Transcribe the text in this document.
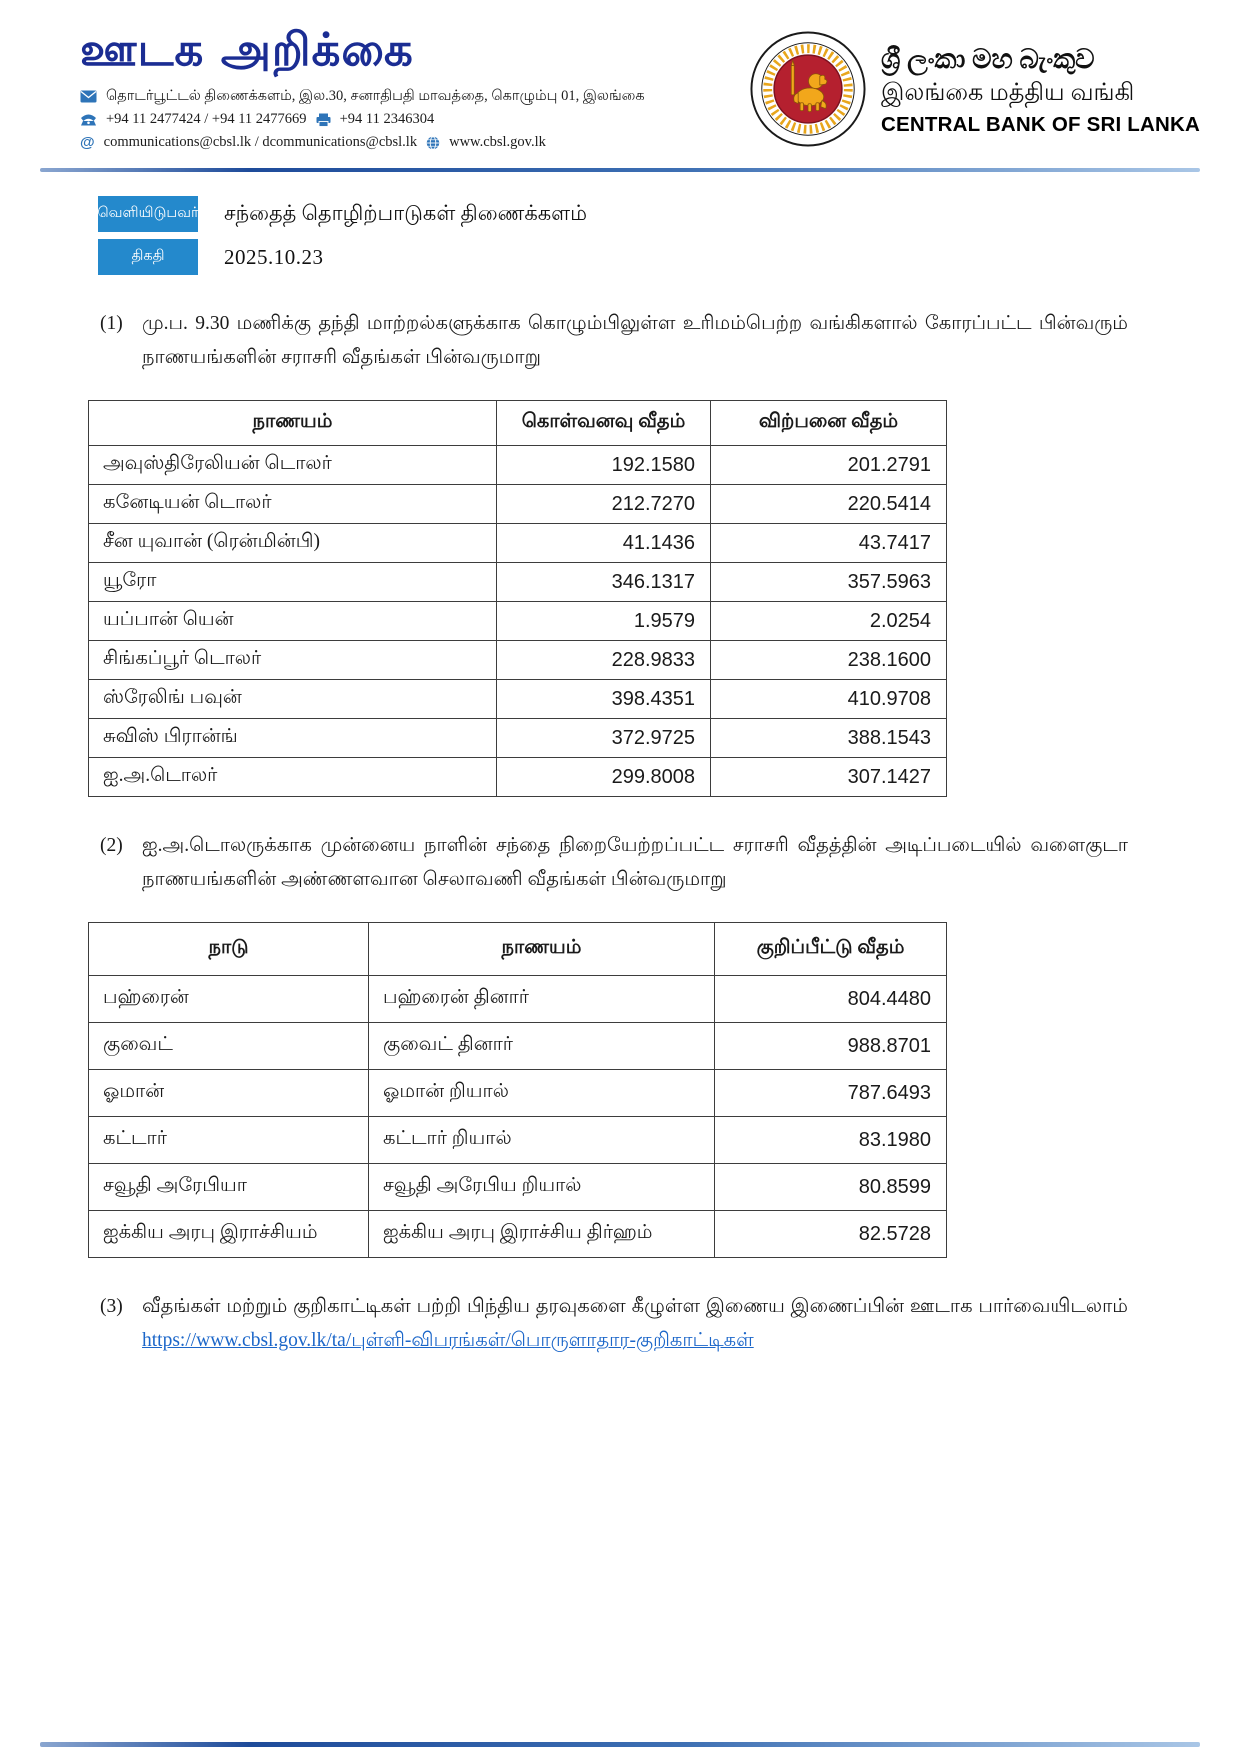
ஊடக அறிக்கை
தொடர்பூட்டல் திணைக்களம், இல.30, சனாதிபதி மாவத்தை, கொழும்பு 01, இலங்கை
+94 11 2477424 / +94 11 2477669 +94 11 2346304
@ communications@cbsl.lk / dcommunications@cbsl.lk www.cbsl.gov.lk
ශ්‍රී ලංකා මහ බැංකුව
இலங்கை மத்திய வங்கி
CENTRAL BANK OF SRI LANKA
வெளியிடுபவர் சந்தைத் தொழிற்பாடுகள் திணைக்களம்
திகதி	2025.10.23

(1) மு.ப. 9.30 மணிக்கு தந்தி மாற்றல்களுக்காக கொழும்பிலுள்ள உரிமம்பெற்ற வங்கிகளால் கோரப்பட்ட பின்வரும் நாணயங்களின் சராசரி வீதங்கள் பின்வருமாறு

நாணயம்	கொள்வனவு வீதம்	விற்பனை வீதம்
அவுஸ்திரேலியன் டொலர்	192.1580	201.2791
கனேடியன் டொலர்	212.7270	220.5414
சீன யுவான் (ரென்மின்பி)	41.1436	43.7417
யூரோ	346.1317	357.5963
யப்பான் யென்	1.9579	2.0254
சிங்கப்பூர் டொலர்	228.9833	238.1600
ஸ்ரேலிங் பவுன்	398.4351	410.9708
சுவிஸ் பிரான்ங்	372.9725	388.1543
ஐ.அ.டொலர்	299.8008	307.1427

(2) ஐ.அ.டொலருக்காக முன்னைய நாளின் சந்தை நிறையேற்றப்பட்ட சராசரி வீதத்தின் அடிப்படையில் வளைகுடா நாணயங்களின் அண்ணளவான செலாவணி வீதங்கள் பின்வருமாறு

நாடு	நாணயம்	குறிப்பீட்டு வீதம்
பஹ்ரைன்	பஹ்ரைன் தினார்	804.4480
குவைட்	குவைட் தினார்	988.8701
ஓமான்	ஓமான் றியால்	787.6493
கட்டார்	கட்டார் றியால்	83.1980
சவூதி அரேபியா	சவூதி அரேபிய றியால்	80.8599
ஐக்கிய அரபு இராச்சியம்	ஐக்கிய அரபு இராச்சிய திர்ஹம்	82.5728

(3) வீதங்கள் மற்றும் குறிகாட்டிகள் பற்றி பிந்திய தரவுகளை கீழுள்ள இணைய இணைப்பின் ஊடாக பார்வையிடலாம் https://www.cbsl.gov.lk/ta/புள்ளி-விபரங்கள்/பொருளாதார-குறிகாட்டிகள்
